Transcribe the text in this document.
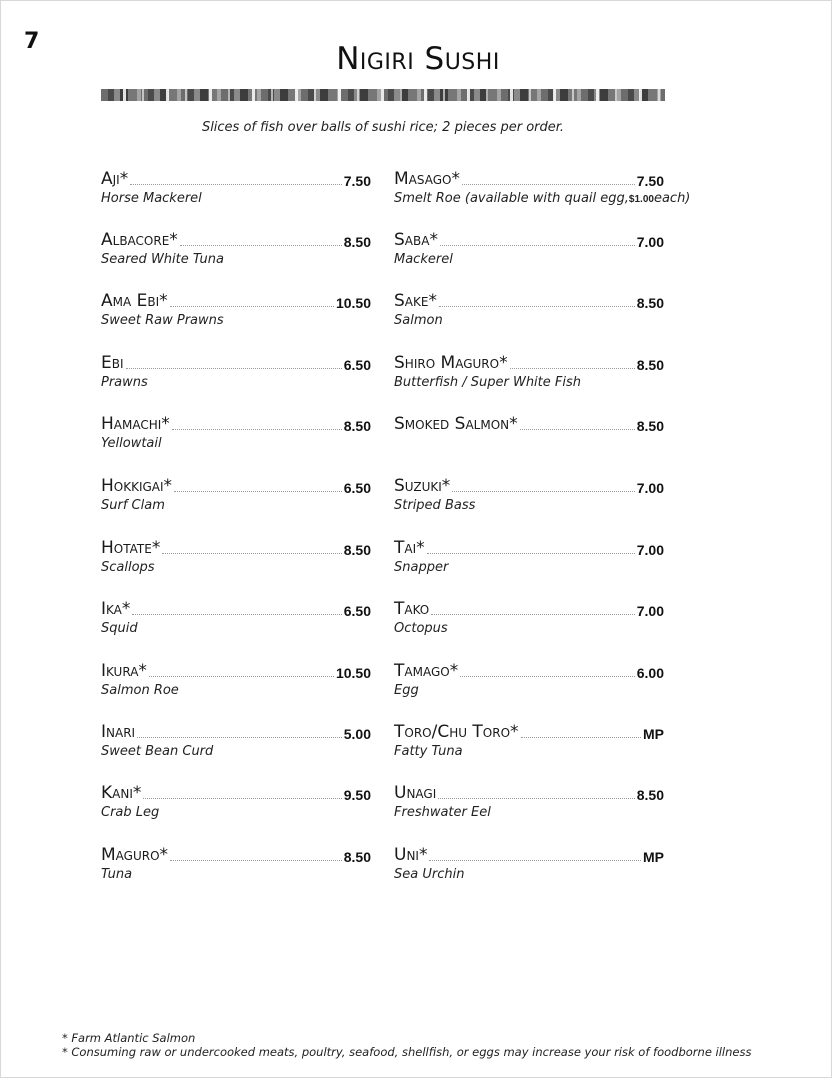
7	Nigiri Sushi
Slices of fish over balls of sushi rice; 2 pieces per order.
Aji*	7.50
Horse Mackerel
Albacore*	8.50
Seared White Tuna
Ama Ebi*	10.50
Sweet Raw Prawns
Ebi	6.50
Prawns
Hamachi*	8.50
Yellowtail
Hokkigai*	6.50
Surf Clam
Hotate*	8.50
Scallops
Ika*	6.50
Squid
Ikura*	10.50
Salmon Roe
Inari	5.00
Sweet Bean Curd
Kani*	9.50
Crab Leg
Maguro*	8.50
Tuna
Masago*	7.50
Smelt Roe (available with quail egg,$1.00each)
Saba*	7.00
Mackerel
Sake*	8.50
Salmon
Shiro Maguro*	8.50
Butterfish / Super White Fish
Smoked Salmon*	8.50
Suzuki*	7.00
Striped Bass
Tai*	7.00
Snapper
Tako	7.00
Octopus
Tamago*	6.00
Egg
Toro/Chu Toro*	MP
Fatty Tuna
Unagi	8.50
Freshwater Eel
Uni*	MP
Sea Urchin
* Farm Atlantic Salmon
* Consuming raw or undercooked meats, poultry, seafood, shellfish, or eggs may increase your risk of foodborne illness
